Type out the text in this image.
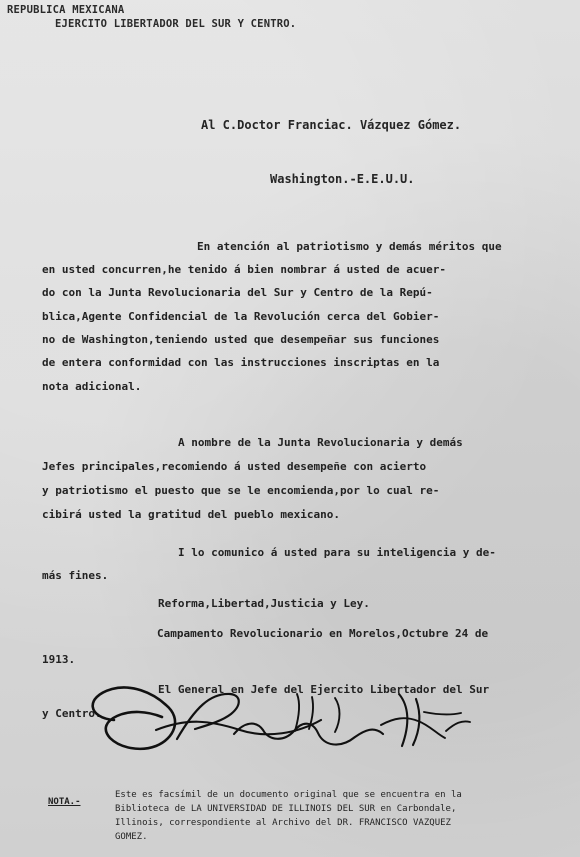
REPUBLICA MEXICANA
EJERCITO LIBERTADOR DEL SUR Y CENTRO.
Al C.Doctor Franciac. Vázquez Gómez.
Washington.-E.E.U.U.
En atención al patriotismo y demás méritos que
en usted concurren,he tenido á bien nombrar á usted de acuer-
do con la Junta Revolucionaria del Sur y Centro de la Repú-
blica,Agente Confidencial de la Revolución cerca del Gobier-
no de Washington,teniendo usted que desempeñar sus funciones
de entera conformidad con las instrucciones inscriptas en la
nota adicional.
A nombre de la Junta Revolucionaria y demás
Jefes principales,recomiendo á usted desempeñe con acierto
y patriotismo el puesto que se le encomienda,por lo cual re-
cibirá usted la gratitud del pueblo mexicano.
I lo comunico á usted para su inteligencia y de-
más fines.
Reforma,Libertad,Justicia y Ley.
Campamento Revolucionario en Morelos,Octubre 24 de
1913.
El General en Jefe del Ejercito Libertador del Sur
y Centro.
NOTA.-
Este es facsímil de un documento original que se encuentra en la
Biblioteca de LA UNIVERSIDAD DE ILLINOIS DEL SUR en Carbondale,
Illinois, correspondiente al Archivo del DR. FRANCISCO VAZQUEZ
GOMEZ.
